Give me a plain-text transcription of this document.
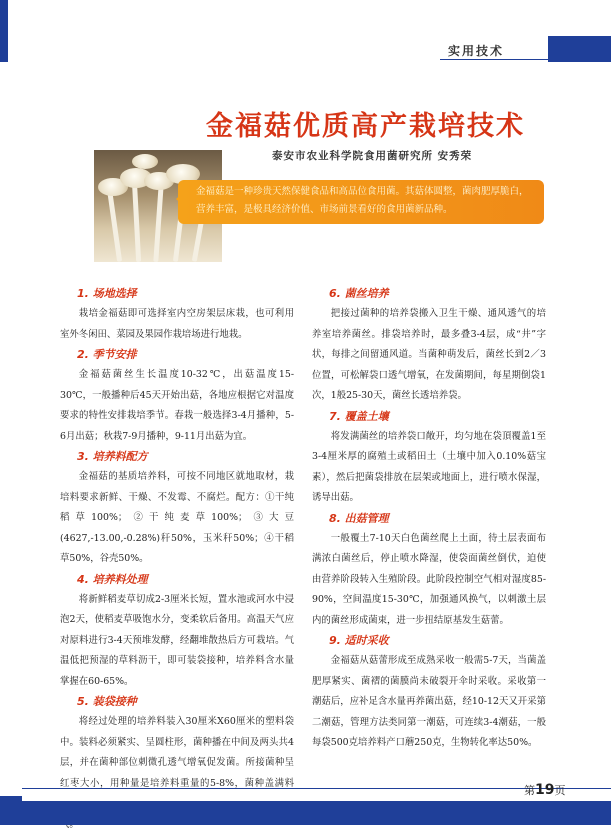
实用技术
金福菇优质高产栽培技术
泰安市农业科学院食用菌研究所 安秀荣
金福菇是一种珍贵天然保健食品和高品位食用菌。其菇体圆整，菌肉肥厚脆白，营养丰富，是极具经济价值、市场前景看好的食用菌新品种。
1. 场地选择

栽培金福菇即可选择室内空房架层床栽，也可利用室外冬闲田、菜园及果园作栽培场进行地栽。

2. 季节安排

金福菇菌丝生长温度10-32℃，出菇温度15-30℃，一般播种后45天开始出菇，各地应根据它对温度要求的特性安排栽培季节。春栽一般选择3-4月播种，5-6月出菇；秋栽7-9月播种，9-11月出菇为宜。

3. 培养料配方

金福菇的基质培养料，可按不同地区就地取材，栽培料要求新鲜、干燥、不发霉、不腐烂。配方：①干纯稻草100%；②干纯麦草100%；③大豆(4627,-13.00,-0.28%)秆50%，玉米秆50%；④干稻草50%，谷壳50%。

4. 培养料处理

将新鲜稻麦草切成2-3厘米长短，置水池或河水中浸泡2天，使稻麦草吸饱水分，变柔软后备用。高温天气应对原料进行3-4天预堆发酵，经翻堆散热后方可栽培。气温低把预湿的草料沥干，即可装袋接种，培养料含水量掌握在60-65%。

5. 装袋接种

将经过处理的培养料装入30厘米X60厘米的塑料袋中。装料必须紧实、呈圆柱形，菌种播在中间及两头共4层，并在菌种部位刺微孔透气增氧促发菌。所接菌种呈红枣大小，用种量是培养料重量的5-8%，菌种盖满料

6. 菌丝培养

把接过菌种的培养袋搬入卫生干燥、通风透气的培养室培养菌丝。排袋培养时，最多叠3-4层，成“井”字状，每排之间留通风道。当菌种萌发后，菌丝长到2／3位置，可松解袋口透气增氧，在发菌期间，每星期倒袋1次，1般25-30天，菌丝长透培养袋。

7. 覆盖土壤

将发满菌丝的培养袋口敞开，均匀地在袋頂覆盖1至3-4厘米厚的腐殖土或稻田土（土壤中加入0.10%菇宝素），然后把菌袋排放在层架或地面上，进行喷水保湿，诱导出菇。

8. 出菇管理

一般覆土7-10天白色菌丝爬上土面，待土层表面布满浓白菌丝后，停止喷水降湿，使袋面菌丝倒伏，迫使由营养阶段转入生殖阶段。此阶段控制空气相对湿度85-90%，空间温度15-30℃，加强通风换气，以刺激土层内的菌丝形成菌束，进一步扭结原基发生菇蕾。

9. 适时采收

金福菇从菇蕾形成至成熟采收一般需5-7天，当菌盖肥厚紧实、菌褶的菌膜尚未破裂开伞时采收。采收第一潮菇后，应补足含水量再养菌出菇，经10-12天又开采第二潮菇，管理方法类同第一潮菇，可连续3-4潮菇，一般每袋500克培养料产口蘑250克，生物转化率达50%。

第19页
